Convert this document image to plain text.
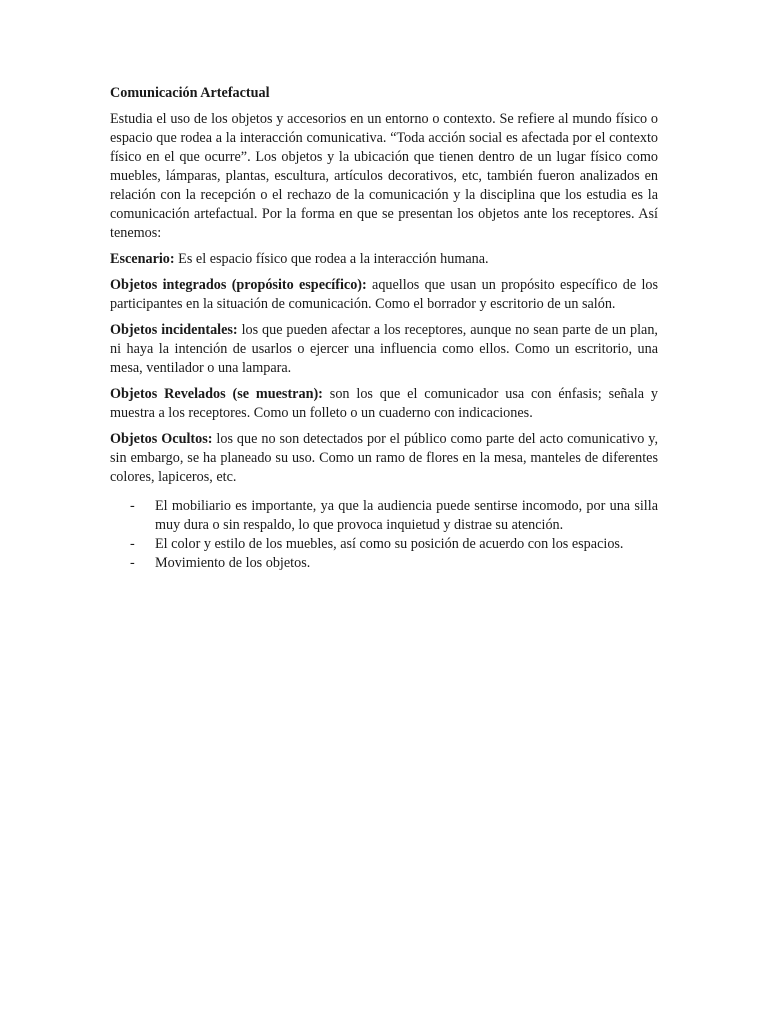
Comunicación Artefactual

Estudia el uso de los objetos y accesorios en un entorno o contexto. Se refiere al mundo físico o espacio que rodea a la interacción comunicativa. “Toda acción social es afectada por el contexto físico en el que ocurre”. Los objetos y la ubicación que tienen dentro de un lugar físico como muebles, lámparas, plantas, escultura, artículos decorativos, etc, también fueron analizados en relación con la recepción o el rechazo de la comunicación y la disciplina que los estudia es la comunicación artefactual. Por la forma en que se presentan los objetos ante los receptores. Así tenemos:

Escenario: Es el espacio físico que rodea a la interacción humana.

Objetos integrados (propósito específico): aquellos que usan un propósito específico de los participantes en la situación de comunicación. Como el borrador y escritorio de un salón.

Objetos incidentales: los que pueden afectar a los receptores, aunque no sean parte de un plan, ni haya la intención de usarlos o ejercer una influencia como ellos. Como un escritorio, una mesa, ventilador o una lampara.

Objetos Revelados (se muestran): son los que el comunicador usa con énfasis; señala y muestra a los receptores. Como un folleto o un cuaderno con indicaciones.

Objetos Ocultos: los que no son detectados por el público como parte del acto comunicativo y, sin embargo, se ha planeado su uso. Como un ramo de flores en la mesa, manteles de diferentes colores, lapiceros, etc.

- El mobiliario es importante, ya que la audiencia puede sentirse incomodo, por una silla muy dura o sin respaldo, lo que provoca inquietud y distrae su atención.
- El color y estilo de los muebles, así como su posición de acuerdo con los espacios.
- Movimiento de los objetos.
